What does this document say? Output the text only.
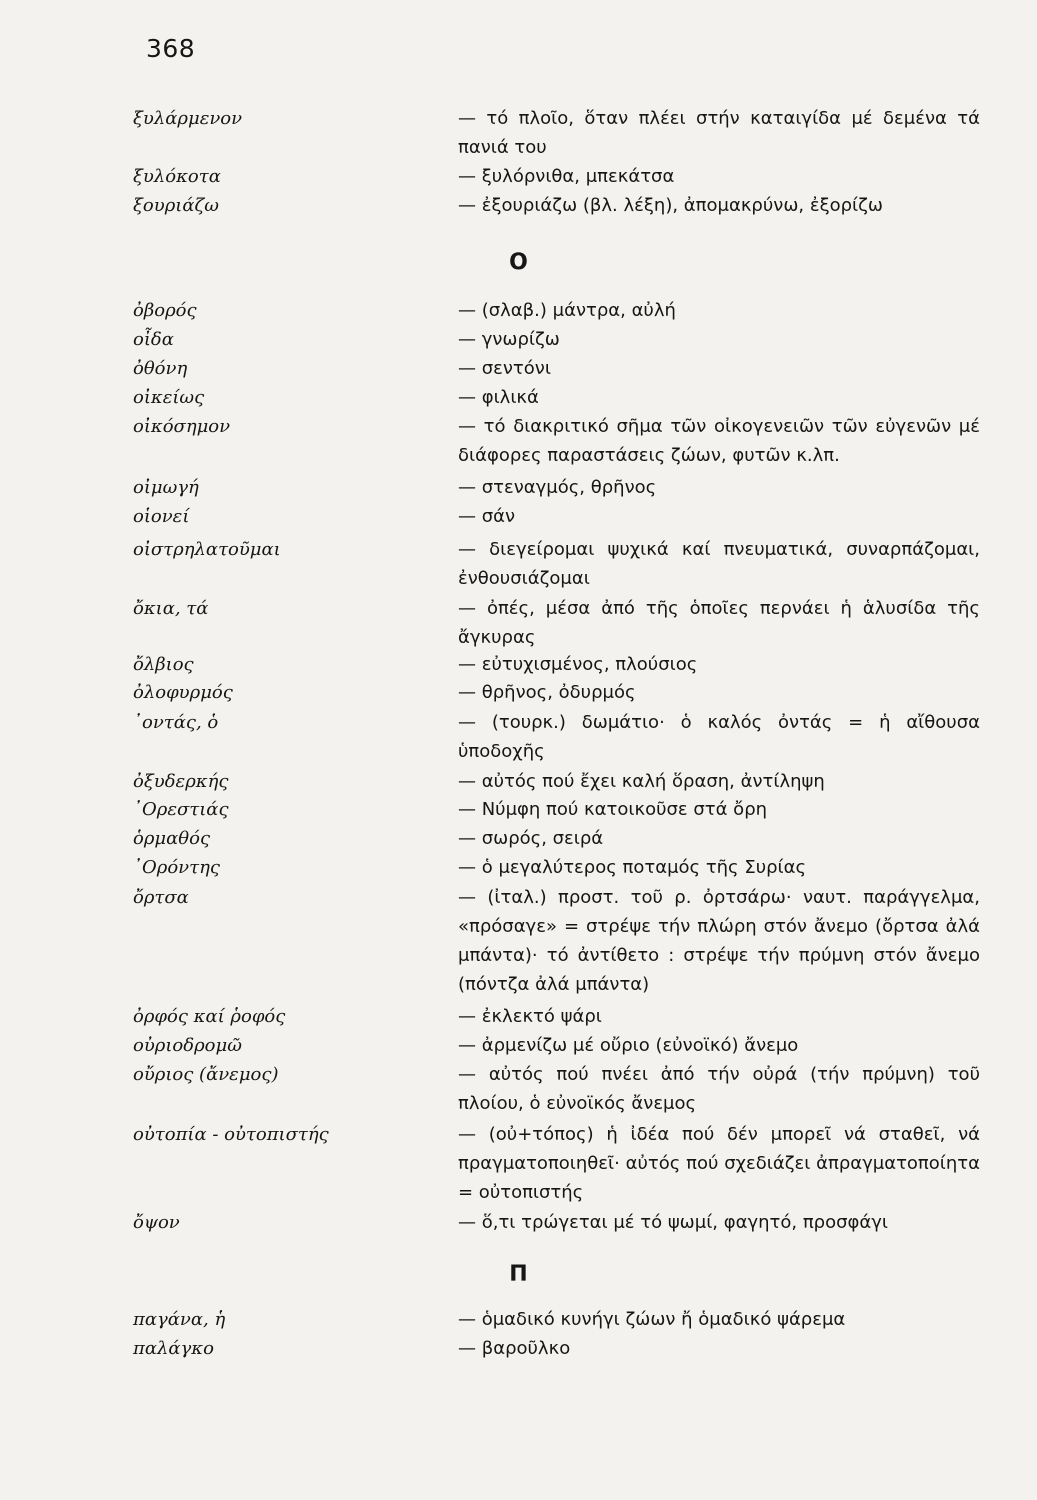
368
ξυλάρμενον	— τό πλοῖο, ὅταν πλέει στήν καταιγίδα μέ δεμένα τά πανιά του
ξυλόκοτα	— ξυλόρνιθα, μπεκάτσα
ξουριάζω	— ἐξουριάζω (βλ. λέξη), ἀπομακρύνω, ἐξορίζω
Ο
ὀβορός	— (σλαβ.) μάντρα, αὐλή
οἶδα	— γνωρίζω
ὀθόνη	— σεντόνι
οἰκείως	— φιλικά
οἰκόσημον	— τό διακριτικό σῆμα τῶν οἰκογενειῶν τῶν εὐγενῶν μέ διάφορες παραστάσεις ζώων, φυτῶν κ.λπ.
οἰμωγή	— στεναγμός, θρῆνος
οἱονεί	— σάν
οἰστρηλατοῦμαι	— διεγείρομαι ψυχικά καί πνευματικά, συναρπάζομαι, ἐνθουσιάζομαι
ὄκια, τά	— ὀπές, μέσα ἀπό τῆς ὁποῖες περνάει ἡ ἁλυσίδα τῆς ἄγκυρας
ὄλβιος	— εὐτυχισμένος, πλούσιος
ὀλοφυρμός	— θρῆνος, ὀδυρμός
᾿οντάς, ὁ	— (τουρκ.) δωμάτιο· ὁ καλός ὀντάς = ἡ αἴθουσα ὑποδοχῆς
ὀξυδερκής	— αὐτός πού ἔχει καλή ὅραση, ἀντίληψη
᾿Ορεστιάς	— Νύμφη πού κατοικοῦσε στά ὄρη
ὁρμαθός	— σωρός, σειρά
᾿Ορόντης	— ὁ μεγαλύτερος ποταμός τῆς Συρίας
ὄρτσα	— (ἰταλ.) προστ. τοῦ ρ. ὀρτσάρω· ναυτ. παράγγελμα, «πρόσαγε» = στρέψε τήν πλώρη στόν ἄνεμο (ὄρτσα ἀλά μπάντα)· τό ἀντίθετο : στρέψε τήν πρύμνη στόν ἄνεμο (πόντζα ἀλά μπάντα)
ὀρφός καί ῥοφός	— ἐκλεκτό ψάρι
οὐριοδρομῶ	— ἀρμενίζω μέ οὔριο (εὐνοϊκό) ἄνεμο
οὔριος (ἄνεμος)	— αὐτός πού πνέει ἀπό τήν οὐρά (τήν πρύμνη) τοῦ πλοίου, ὁ εὐνοϊκός ἄνεμος
οὐτοπία - οὐτοπιστής	— (οὐ+τόπος) ἡ ἰδέα πού δέν μπορεῖ νά σταθεῖ, νά πραγματοποιηθεῖ· αὐτός πού σχεδιάζει ἀπραγματοποίητα = οὐτοπιστής
ὄψον	— ὅ,τι τρώγεται μέ τό ψωμί, φαγητό, προσφάγι
Π
παγάνα, ἡ	— ὁμαδικό κυνήγι ζώων ἤ ὁμαδικό ψάρεμα
παλάγκο	— βαροῦλκο
